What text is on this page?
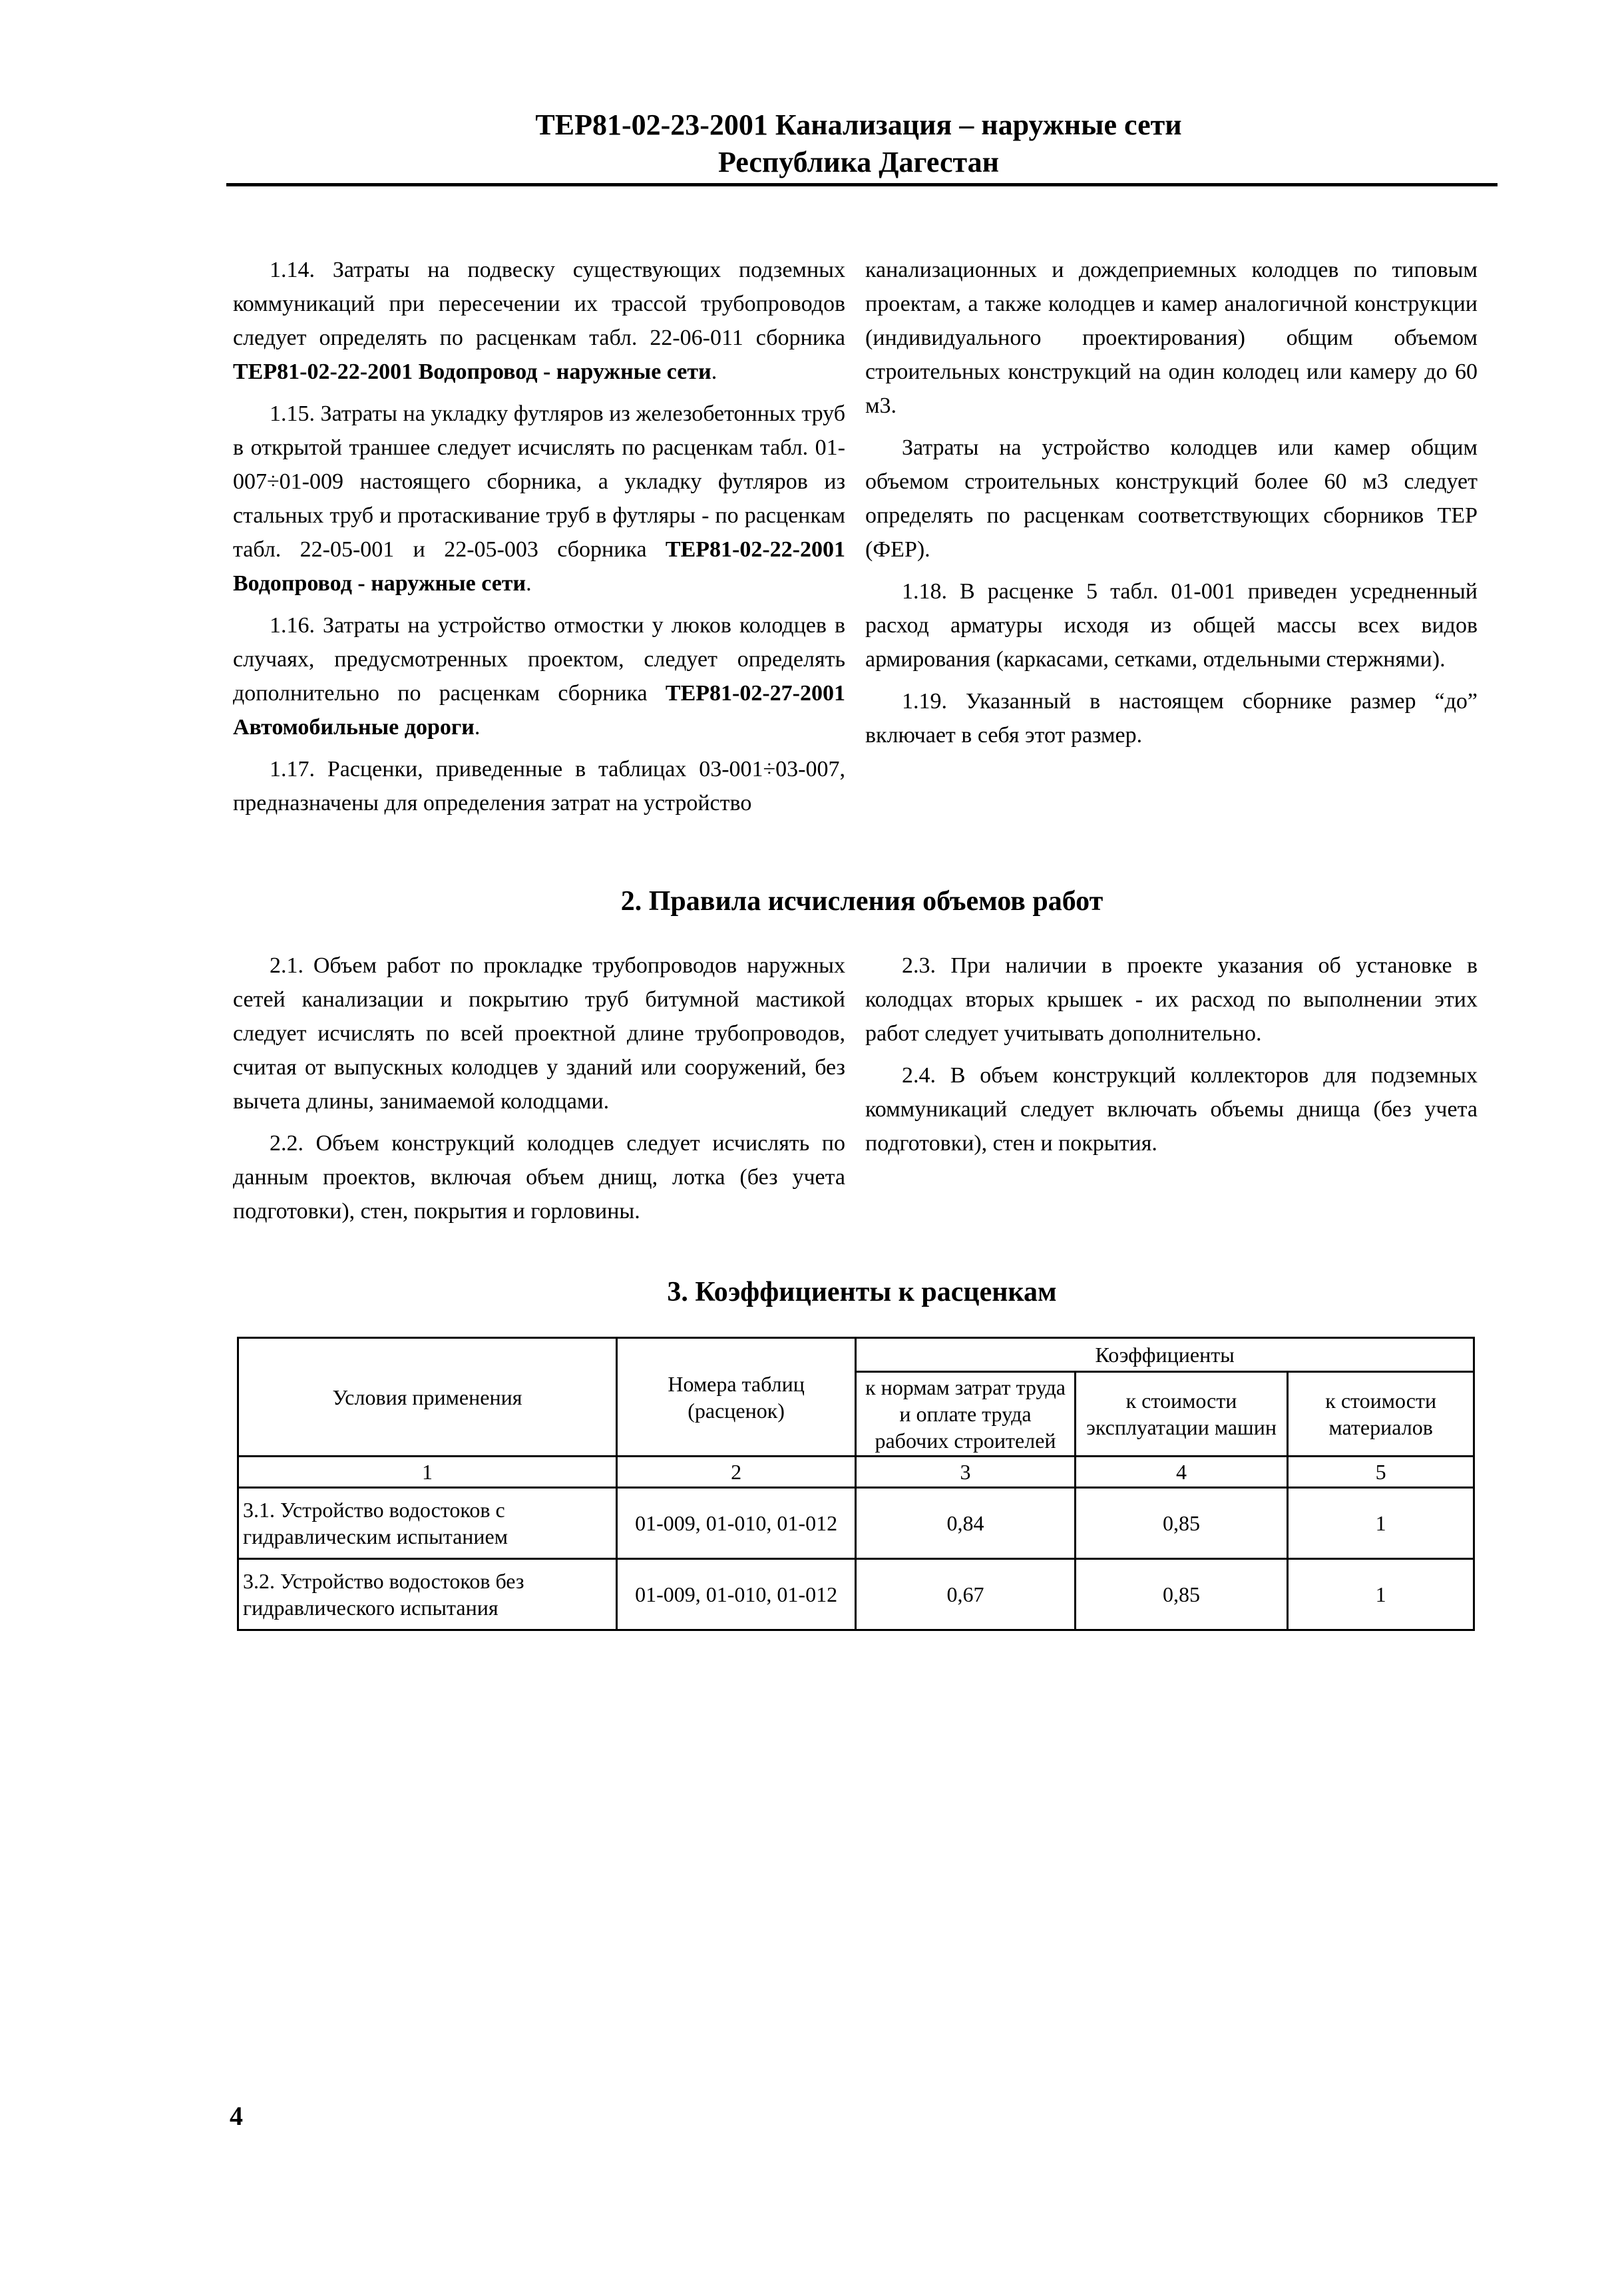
ТЕР81-02-23-2001 Канализация – наружные сети
Республика Дагестан

1.14. Затраты на подвеску существующих подземных коммуникаций при пересечении их трассой трубопроводов следует определять по расценкам табл. 22-06-011 сборника ТЕР81-02-22-2001 Водопровод - наружные сети.

1.15. Затраты на укладку футляров из железобетонных труб в открытой траншее следует исчислять по расценкам табл. 01-007÷01-009 настоящего сборника, а укладку футляров из стальных труб и протаскивание труб в футляры - по расценкам табл. 22-05-001 и 22-05-003 сборника ТЕР81-02-22-2001 Водопровод - наружные сети.

1.16. Затраты на устройство отмостки у люков колодцев в случаях, предусмотренных проектом, следует определять дополнительно по расценкам сборника ТЕР81-02-27-2001 Автомобильные дороги.

1.17. Расценки, приведенные в таблицах 03-001÷03-007, предназначены для определения затрат на устройство

канализационных и дождеприемных колодцев по типовым проектам, а также колодцев и камер аналогичной конструкции (индивидуального проектирования) общим объемом строительных конструкций на один колодец или камеру до 60 м3.

Затраты на устройство колодцев или камер общим объемом строительных конструкций более 60 м3 следует определять по расценкам соответствующих сборников ТЕР (ФЕР).

1.18. В расценке 5 табл. 01-001 приведен усредненный расход арматуры исходя из общей массы всех видов армирования (каркасами, сетками, отдельными стержнями).

1.19. Указанный в настоящем сборнике размер “до” включает в себя этот размер.

2. Правила исчисления объемов работ

2.1. Объем работ по прокладке трубопроводов наружных сетей канализации и покрытию труб битумной мастикой следует исчислять по всей проектной длине трубопроводов, считая от выпускных колодцев у зданий или сооружений, без вычета длины, занимаемой колодцами.

2.2. Объем конструкций колодцев следует исчислять по данным проектов, включая объем днищ, лотка (без учета подготовки), стен, покрытия и горловины.

2.3. При наличии в проекте указания об установке в колодцах вторых крышек - их расход по выполнении этих работ следует учитывать дополнительно.

2.4. В объем конструкций коллекторов для подземных коммуникаций следует включать объемы днища (без учета подготовки), стен и покрытия.

3. Коэффициенты к расценкам
Условия применения	Номера таблиц (расценок)	Коэффициенты		
		к нормам затрат труда и оплате труда рабочих строителей	к стоимости эксплуатации машин	к стоимости материалов
1	2	3	4	5
3.1. Устройство водостоков с гидравлическим испытанием	01-009, 01-010, 01-012	0,84	0,85	1
3.2. Устройство водостоков без гидравлического испытания	01-009, 01-010, 01-012	0,67	0,85	1
4
